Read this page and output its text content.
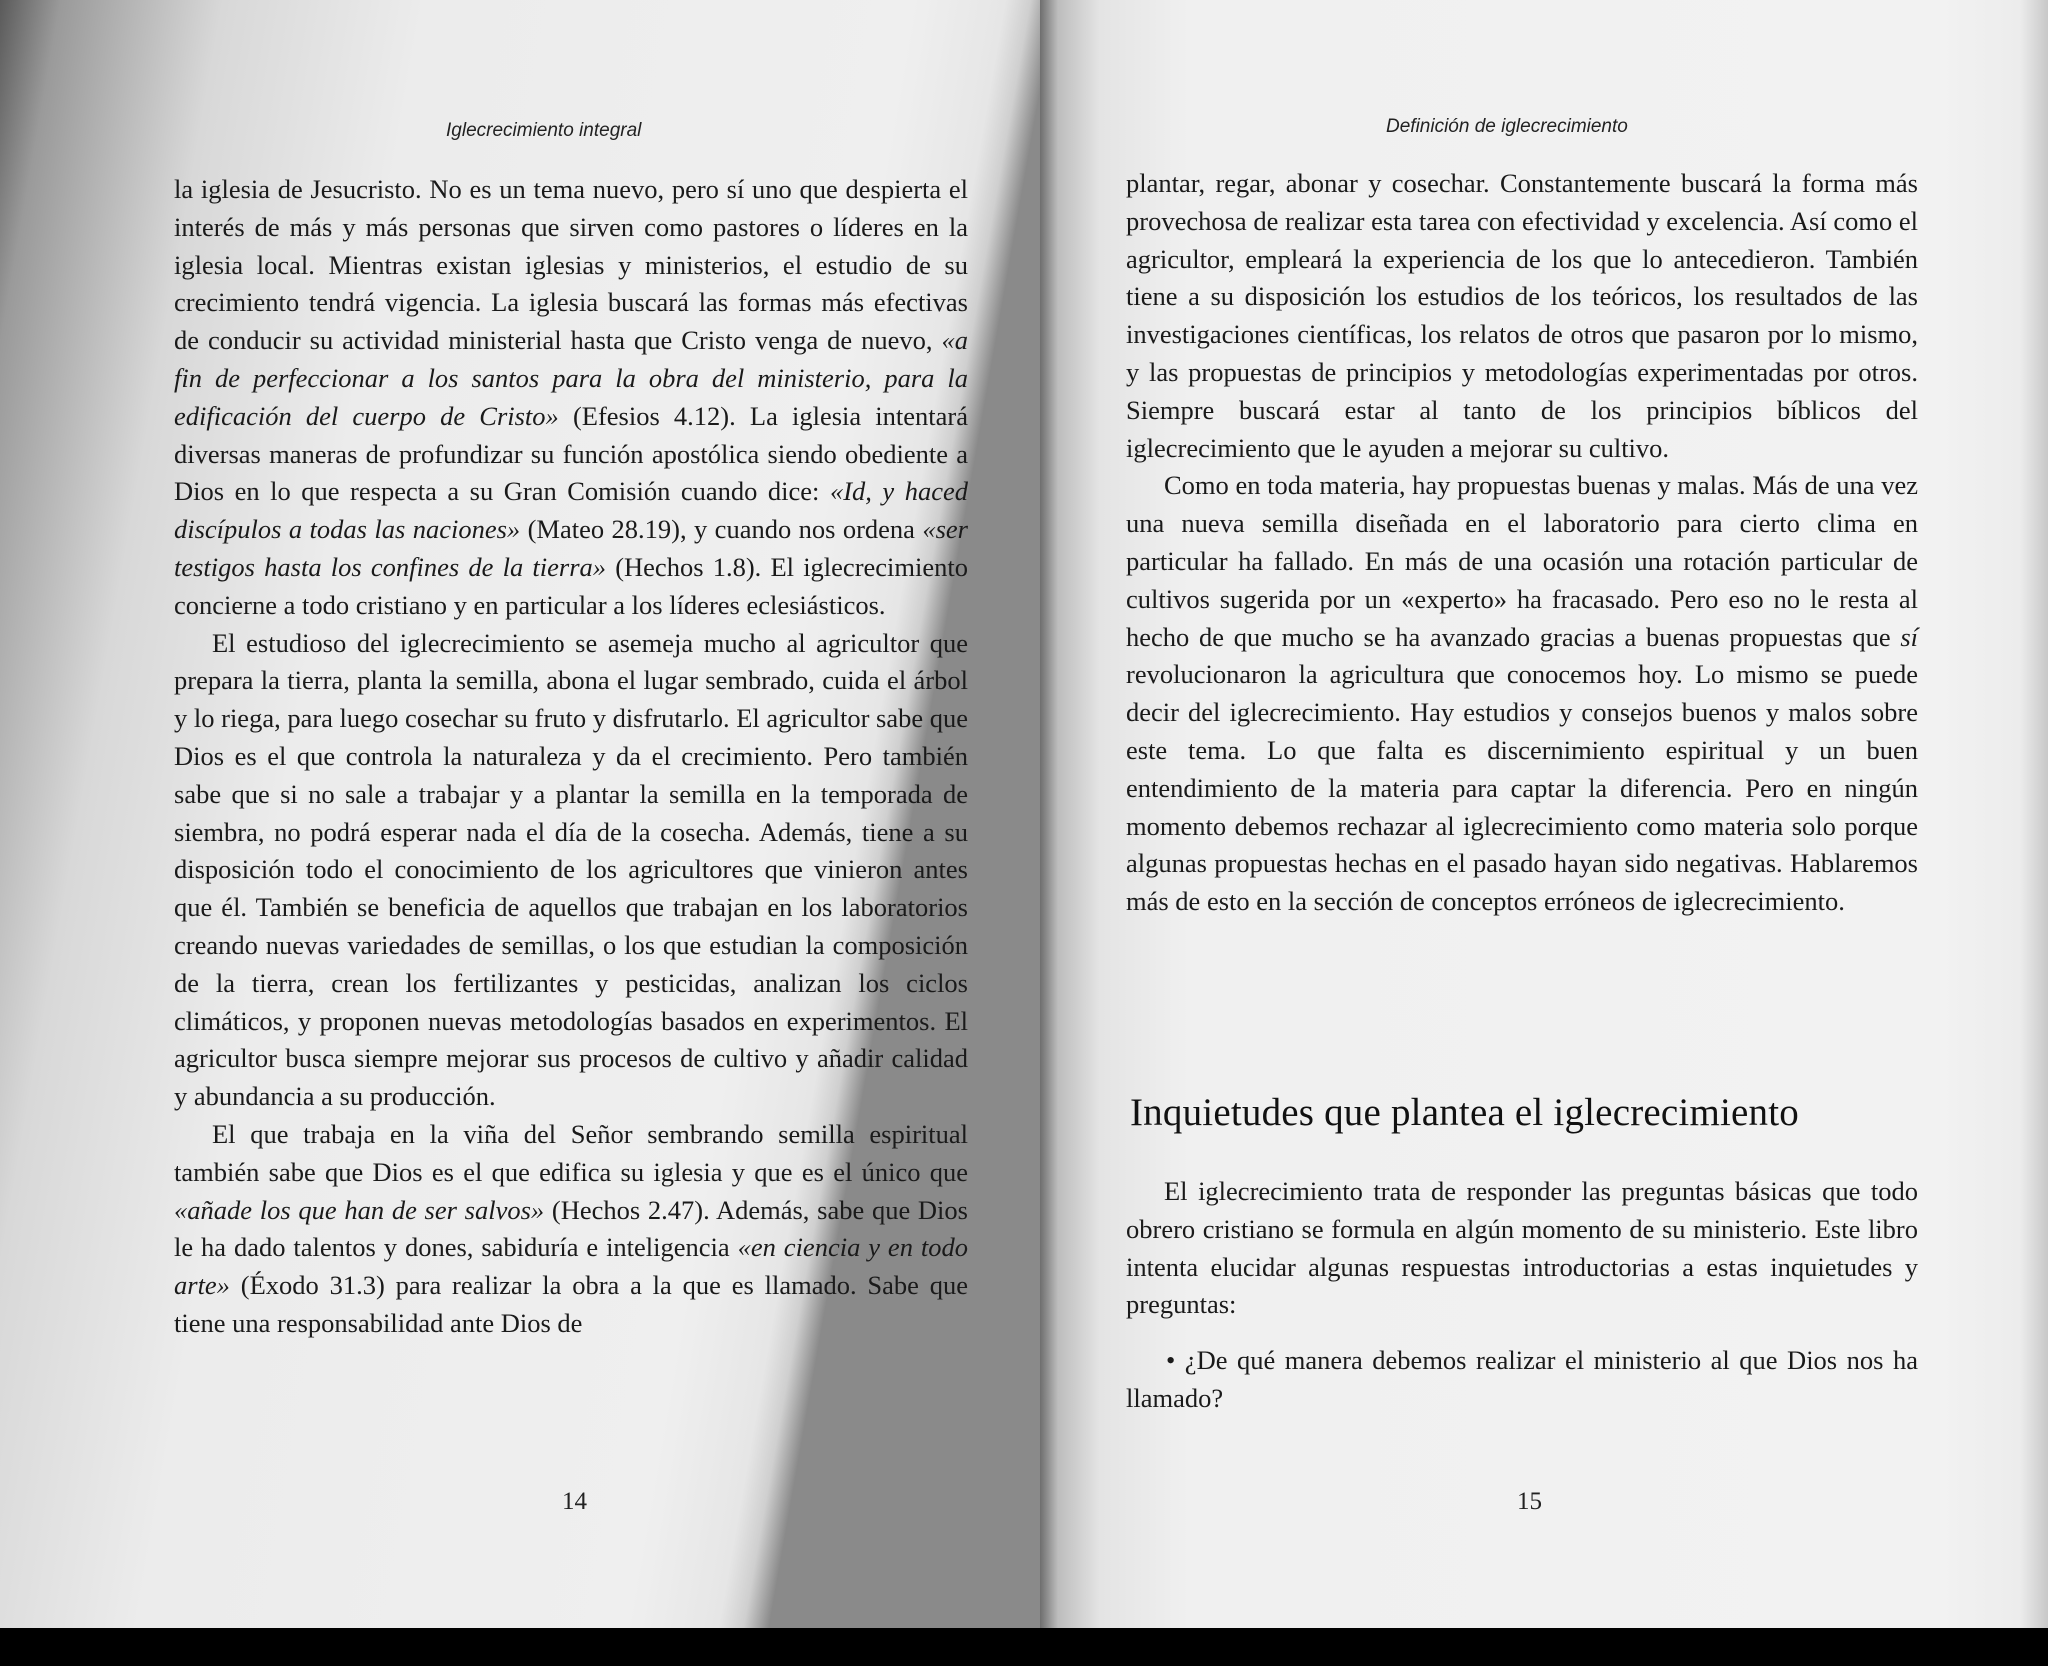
Iglecrecimiento integral

la iglesia de Jesucristo. No es un tema nuevo, pero sí uno que despierta el interés de más y más personas que sirven como pastores o líderes en la iglesia local. Mientras existan iglesias y ministerios, el estudio de su crecimiento tendrá vigencia. La iglesia buscará las formas más efectivas de conducir su actividad ministerial hasta que Cristo venga de nuevo, «a fin de perfeccionar a los santos para la obra del ministerio, para la edificación del cuerpo de Cristo» (Efesios 4.12). La iglesia intentará diversas maneras de profundizar su función apostólica siendo obediente a Dios en lo que respecta a su Gran Comisión cuando dice: «Id, y haced discípulos a todas las naciones» (Mateo 28.19), y cuando nos ordena «ser testigos hasta los confines de la tierra» (Hechos 1.8). El iglecrecimiento concierne a todo cristiano y en particular a los líderes eclesiásticos.

El estudioso del iglecrecimiento se asemeja mucho al agricultor que prepara la tierra, planta la semilla, abona el lugar sembrado, cuida el árbol y lo riega, para luego cosechar su fruto y disfrutarlo. El agricultor sabe que Dios es el que controla la naturaleza y da el crecimiento. Pero también sabe que si no sale a trabajar y a plantar la semilla en la temporada de siembra, no podrá esperar nada el día de la cosecha. Además, tiene a su disposición todo el conocimiento de los agricultores que vinieron antes que él. También se beneficia de aquellos que trabajan en los laboratorios creando nuevas variedades de semillas, o los que estudian la composición de la tierra, crean los fertilizantes y pesticidas, analizan los ciclos climáticos, y proponen nuevas metodologías basados en experimentos. El agricultor busca siempre mejorar sus procesos de cultivo y añadir calidad y abundancia a su producción.

El que trabaja en la viña del Señor sembrando semilla espiritual también sabe que Dios es el que edifica su iglesia y que es el único que «añade los que han de ser salvos» (Hechos 2.47). Además, sabe que Dios le ha dado talentos y dones, sabiduría e inteligencia «en ciencia y en todo arte» (Éxodo 31.3) para realizar la obra a la que es llamado. Sabe que tiene una responsabilidad ante Dios de

14
Definición de iglecrecimiento

plantar, regar, abonar y cosechar. Constantemente buscará la forma más provechosa de realizar esta tarea con efectividad y excelencia. Así como el agricultor, empleará la experiencia de los que lo antecedieron. También tiene a su disposición los estudios de los teóricos, los resultados de las investigaciones científicas, los relatos de otros que pasaron por lo mismo, y las propuestas de principios y metodologías experimentadas por otros. Siempre buscará estar al tanto de los principios bíblicos del iglecrecimiento que le ayuden a mejorar su cultivo.

Como en toda materia, hay propuestas buenas y malas. Más de una vez una nueva semilla diseñada en el laboratorio para cierto clima en particular ha fallado. En más de una ocasión una rotación particular de cultivos sugerida por un «experto» ha fracasado. Pero eso no le resta al hecho de que mucho se ha avanzado gracias a buenas propuestas que sí revolucionaron la agricultura que conocemos hoy. Lo mismo se puede decir del iglecrecimiento. Hay estudios y consejos buenos y malos sobre este tema. Lo que falta es discernimiento espiritual y un buen entendimiento de la materia para captar la diferencia. Pero en ningún momento debemos rechazar al iglecrecimiento como materia solo porque algunas propuestas hechas en el pasado hayan sido negativas. Hablaremos más de esto en la sección de conceptos erróneos de iglecrecimiento.

Inquietudes que plantea el iglecrecimiento

El iglecrecimiento trata de responder las preguntas básicas que todo obrero cristiano se formula en algún momento de su ministerio. Este libro intenta elucidar algunas respuestas introductorias a estas inquietudes y preguntas:

• ¿De qué manera debemos realizar el ministerio al que Dios nos ha llamado?

15
